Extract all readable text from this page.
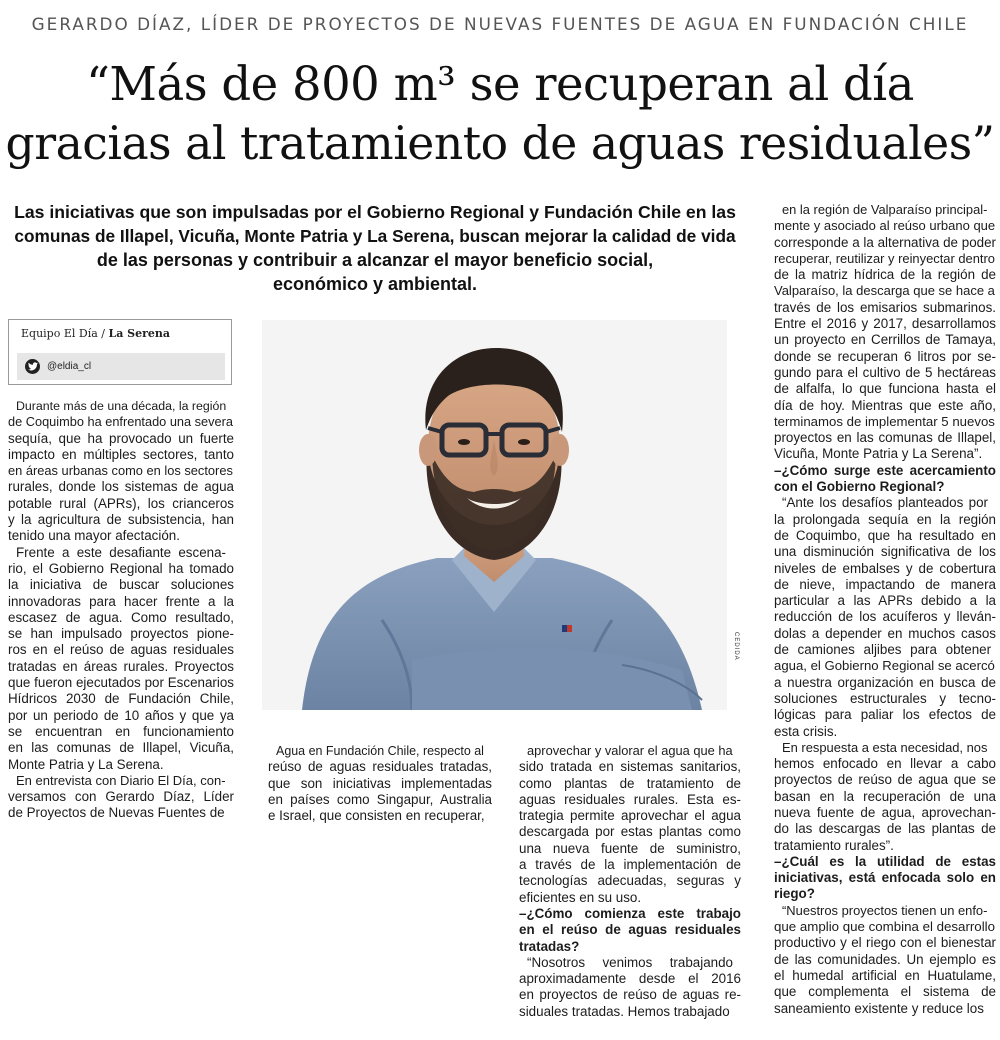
GERARDO DÍAZ, LÍDER DE PROYECTOS DE NUEVAS FUENTES DE AGUA EN FUNDACIÓN CHILE
“Más de 800 m³ se recuperan al día
gracias al tratamiento de aguas residuales”
Las iniciativas que son impulsadas por el Gobierno Regional y Fundación Chile en las
comunas de Illapel, Vicuña, Monte Patria y La Serena, buscan mejorar la calidad de vida
de las personas y contribuir a alcanzar el mayor beneficio social,
económico y ambiental.
Equipo El Día / La Serena
@eldia_cl
CEDIDA

Durante más de una década, la región
de Coquimbo ha enfrentado una severa
sequía, que ha provocado un fuerte
impacto en múltiples sectores, tanto
en áreas urbanas como en los sectores
rurales, donde los sistemas de agua
potable rural (APRs), los crianceros
y la agricultura de subsistencia, han
tenido una mayor afectación.

Frente a este desafiante escena-
rio, el Gobierno Regional ha tomado
la iniciativa de buscar soluciones
innovadoras para hacer frente a la
escasez de agua. Como resultado,
se han impulsado proyectos pione-
ros en el reúso de aguas residuales
tratadas en áreas rurales. Proyectos
que fueron ejecutados por Escenarios
Hídricos 2030 de Fundación Chile,
por un periodo de 10 años y que ya
se encuentran en funcionamiento
en las comunas de Illapel, Vicuña,
Monte Patria y La Serena.

En entrevista con Diario El Día, con-
versamos con Gerardo Díaz, Líder
de Proyectos de Nuevas Fuentes de

Agua en Fundación Chile, respecto al
reúso de aguas residuales tratadas,
que son iniciativas implementadas
en países como Singapur, Australia
e Israel, que consisten en recuperar,

aprovechar y valorar el agua que ha
sido tratada en sistemas sanitarios,
como plantas de tratamiento de
aguas residuales rurales. Esta es-
trategia permite aprovechar el agua
descargada por estas plantas como
una nueva fuente de suministro,
a través de la implementación de
tecnologías adecuadas, seguras y
eficientes en su uso.

–¿Cómo comienza este trabajo
en el reúso de aguas residuales
tratadas?

“Nosotros venimos trabajando
aproximadamente desde el 2016
en proyectos de reúso de aguas re-
siduales tratadas. Hemos trabajado

en la región de Valparaíso principal-
mente y asociado al reúso urbano que
corresponde a la alternativa de poder
recuperar, reutilizar y reinyectar dentro
de la matriz hídrica de la región de
Valparaíso, la descarga que se hace a
través de los emisarios submarinos.
Entre el 2016 y 2017, desarrollamos
un proyecto en Cerrillos de Tamaya,
donde se recuperan 6 litros por se-
gundo para el cultivo de 5 hectáreas
de alfalfa, lo que funciona hasta el
día de hoy. Mientras que este año,
terminamos de implementar 5 nuevos
proyectos en las comunas de Illapel,
Vicuña, Monte Patria y La Serena”.

–¿Cómo surge este acercamiento
con el Gobierno Regional?

“Ante los desafíos planteados por
la prolongada sequía en la región
de Coquimbo, que ha resultado en
una disminución significativa de los
niveles de embalses y de cobertura
de nieve, impactando de manera
particular a las APRs debido a la
reducción de los acuíferos y lleván-
dolas a depender en muchos casos
de camiones aljibes para obtener
agua, el Gobierno Regional se acercó
a nuestra organización en busca de
soluciones estructurales y tecno-
lógicas para paliar los efectos de
esta crisis.

En respuesta a esta necesidad, nos
hemos enfocado en llevar a cabo
proyectos de reúso de agua que se
basan en la recuperación de una
nueva fuente de agua, aprovechan-
do las descargas de las plantas de
tratamiento rurales”.

–¿Cuál es la utilidad de estas
iniciativas, está enfocada solo en
riego?

“Nuestros proyectos tienen un enfo-
que amplio que combina el desarrollo
productivo y el riego con el bienestar
de las comunidades. Un ejemplo es
el humedal artificial en Huatulame,
que complementa el sistema de
saneamiento existente y reduce los
